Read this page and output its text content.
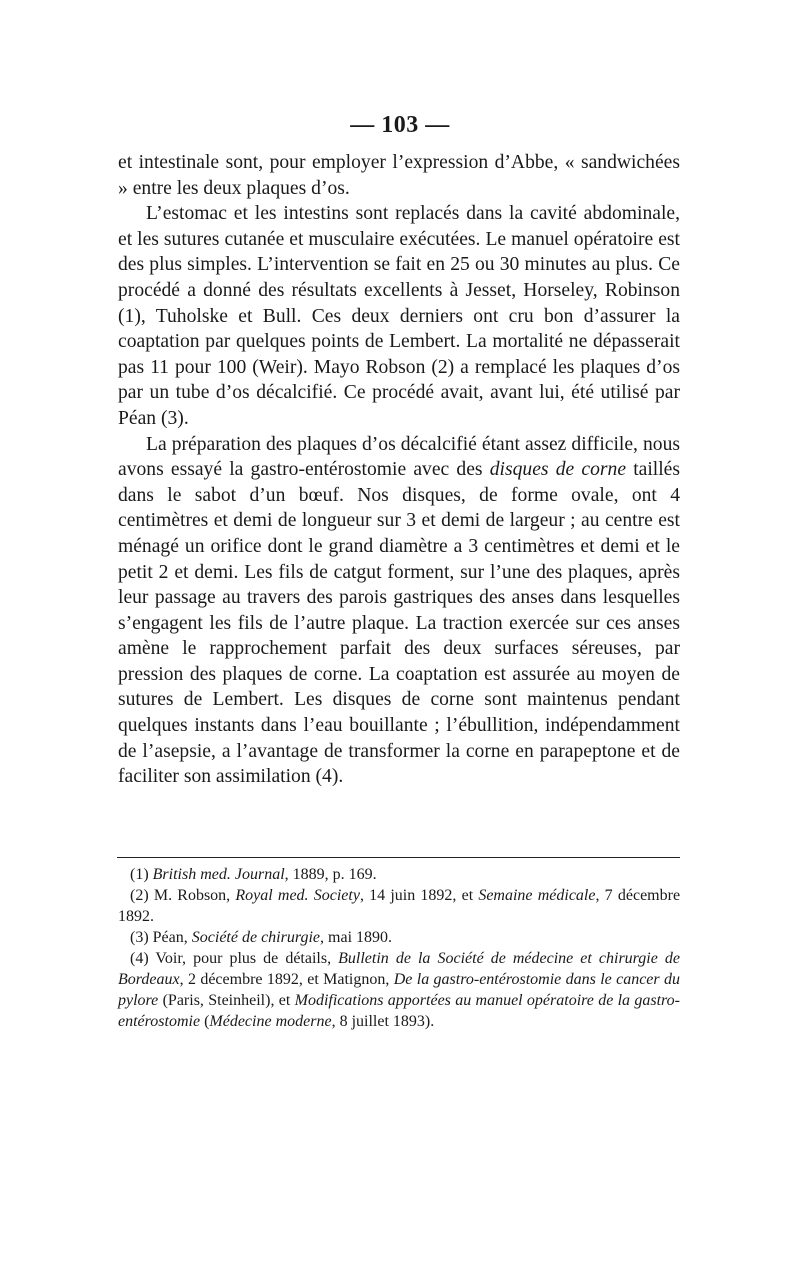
— 103 —

et intestinale sont, pour employer l’expression d’Abbe, « sandwichées » entre les deux plaques d’os.

L’estomac et les intestins sont replacés dans la cavité abdominale, et les sutures cutanée et musculaire exécutées. Le manuel opératoire est des plus simples. L’intervention se fait en 25 ou 30 minutes au plus. Ce procédé a donné des résultats excellents à Jesset, Horseley, Robinson (1), Tuholske et Bull. Ces deux derniers ont cru bon d’assurer la coaptation par quelques points de Lembert. La mortalité ne dépasserait pas 11 pour 100 (Weir). Mayo Robson (2) a remplacé les plaques d’os par un tube d’os décalcifié. Ce procédé avait, avant lui, été utilisé par Péan (3).

La préparation des plaques d’os décalcifié étant assez difficile, nous avons essayé la gastro-entérostomie avec des disques de corne taillés dans le sabot d’un bœuf. Nos disques, de forme ovale, ont 4 centimètres et demi de longueur sur 3 et demi de largeur ; au centre est ménagé un orifice dont le grand diamètre a 3 centimètres et demi et le petit 2 et demi. Les fils de catgut forment, sur l’une des plaques, après leur passage au travers des parois gastriques des anses dans lesquelles s’engagent les fils de l’autre plaque. La traction exercée sur ces anses amène le rapprochement parfait des deux surfaces séreuses, par pression des plaques de corne. La coaptation est assurée au moyen de sutures de Lembert. Les disques de corne sont maintenus pendant quelques instants dans l’eau bouillante ; l’ébullition, indépendamment de l’asepsie, a l’avantage de transformer la corne en parapeptone et de faciliter son assimilation (4).

(1) British med. Journal, 1889, p. 169.

(2) M. Robson, Royal med. Society, 14 juin 1892, et Semaine médicale, 7 décembre 1892.

(3) Péan, Société de chirurgie, mai 1890.

(4) Voir, pour plus de détails, Bulletin de la Société de médecine et chirurgie de Bordeaux, 2 décembre 1892, et Matignon, De la gastro-entérostomie dans le cancer du pylore (Paris, Steinheil), et Modifications apportées au manuel opératoire de la gastro-entérostomie (Médecine moderne, 8 juillet 1893).
